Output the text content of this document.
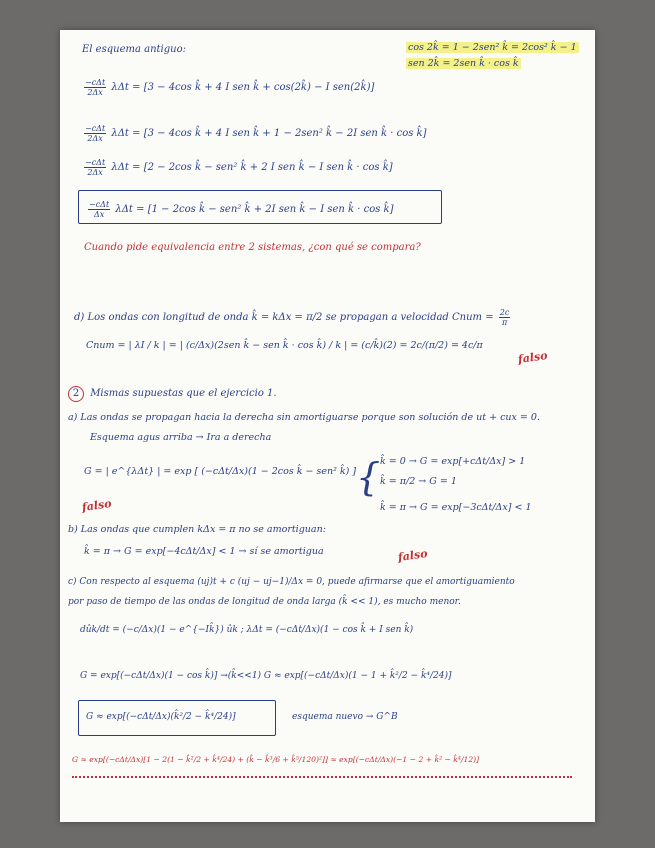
El esquema antiguo:	cos 2k̂ = 1 − 2sen² k̂ = 2cos² k̂ − 1
sen 2k̂ = 2sen k̂ · cos k̂
$\frac{\text{−cΔt}}{2\Delta x}$ λΔt = [3 − 4cos k̂ + 4 I sen k̂ + cos(2k̂) − I sen(2k̂)]
$\frac{\text{−cΔt}}{2\Delta x}$ λΔt = [3 − 4cos k̂ + 4 I sen k̂ + 1 − 2sen² k̂ − 2I sen k̂ · cos k̂]
$\frac{\text{−cΔt}}{2\Delta x}$ λΔt = [2 − 2cos k̂ − sen² k̂ + 2 I sen k̂ − I sen k̂ · cos k̂]
$\frac{\text{−cΔt}}{\Delta x}$ λΔt = [1 − 2cos k̂ − sen² k̂ + 2I sen k̂ − I sen k̂ · cos k̂]
Cuando pide equivalencia entre 2 sistemas, ¿con qué se compara?
d) Los ondas con longitud de onda k̂ = kΔx = π/2 se propagan a velocidad Cnum = $\frac{2c}{\pi}$
Cnum = | λI / k | = | (c/Δx)(2sen k̂ − sen k̂ · cos k̂) / k | = (c/k̂)(2) = 2c/(π/2) = 4c/π
falso
2 Mismas supuestas que el ejercicio 1.
a) Las ondas se propagan hacia la derecha sin amortiguarse porque son solución de ut + cux = 0.
Esquema agus arriba → Ira a derecha
G = | e^{λΔt} | = exp [ (−cΔt/Δx)(1 − 2cos k̂ − sen² k̂) ] { k̂ = 0 → G = exp[+cΔt/Δx] > 1
k̂ = π/2 → G = 1
k̂ = π → G = exp[−3cΔt/Δx] < 1
falso
b) Las ondas que cumplen kΔx = π no se amortiguan:
k̂ = π → G = exp[−4cΔt/Δx] < 1 → sí se amortigua	falso
c) Con respecto al esquema (uj)t + c (uj − uj−1)/Δx = 0, puede afirmarse que el amortiguamiento
por paso de tiempo de las ondas de longitud de onda larga (k̂ << 1), es mucho menor.
dûk/dt = (−c/Δx)(1 − e^{−Ik̂}) ûk ; λΔt = (−cΔt/Δx)(1 − cos k̂ + I sen k̂)
G = exp[(−cΔt/Δx)(1 − cos k̂)] →(k̂<<1) G ≈ exp[(−cΔt/Δx)(1 − 1 + k̂²/2 − k̂⁴/24)]
G ≈ exp[(−cΔt/Δx)(k̂²/2 − k̂⁴/24)]	esquema nuevo → G^B
G ≈ exp[(−cΔt/Δx)[1 − 2(1 − k̂²/2 + k̂⁴/24) + (k̂ − k̂³/6 + k̂⁵/120)²]] ≈ exp[(−cΔt/Δx)(−1 − 2 + k̂² − k̂⁴/12)]
